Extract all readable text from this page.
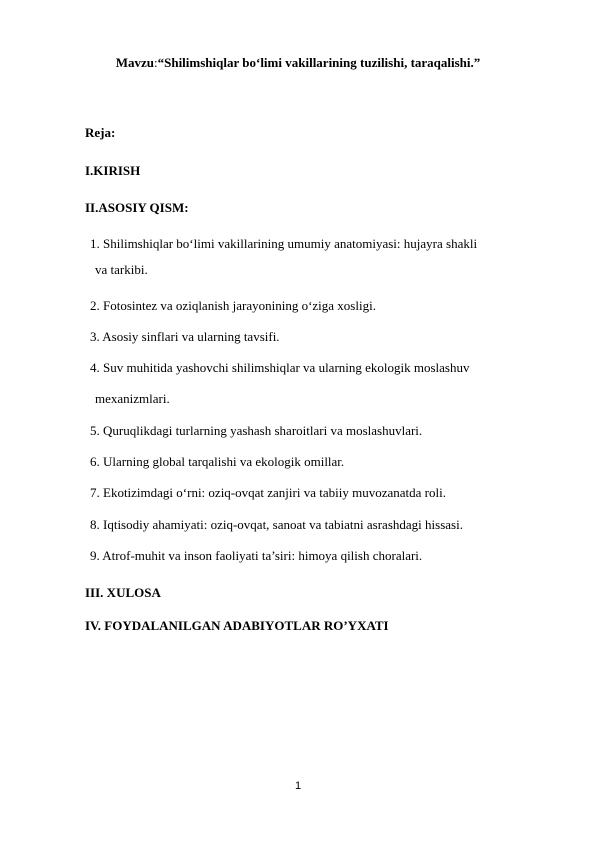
Mavzu:“Shilimshiqlar bo‘limi vakillarining tuzilishi, taraqalishi.”
Reja:
I.KIRISH
II.ASOSIY QISM:
1. Shilimshiqlar bo‘limi vakillarining umumiy anatomiyasi: hujayra shakli
va tarkibi.
2. Fotosintez va oziqlanish jarayonining o‘ziga xosligi.
3. Asosiy sinflari va ularning tavsifi.
4. Suv muhitida yashovchi shilimshiqlar va ularning ekologik moslashuv
mexanizmlari.
5. Quruqlikdagi turlarning yashash sharoitlari va moslashuvlari.
6. Ularning global tarqalishi va ekologik omillar.
7. Ekotizimdagi o‘rni: oziq-ovqat zanjiri va tabiiy muvozanatda roli.
8. Iqtisodiy ahamiyati: oziq-ovqat, sanoat va tabiatni asrashdagi hissasi.
9. Atrof-muhit va inson faoliyati ta’siri: himoya qilish choralari.
III. XULOSA
IV. FOYDALANILGAN ADABIYOTLAR RO’YXATI
1
